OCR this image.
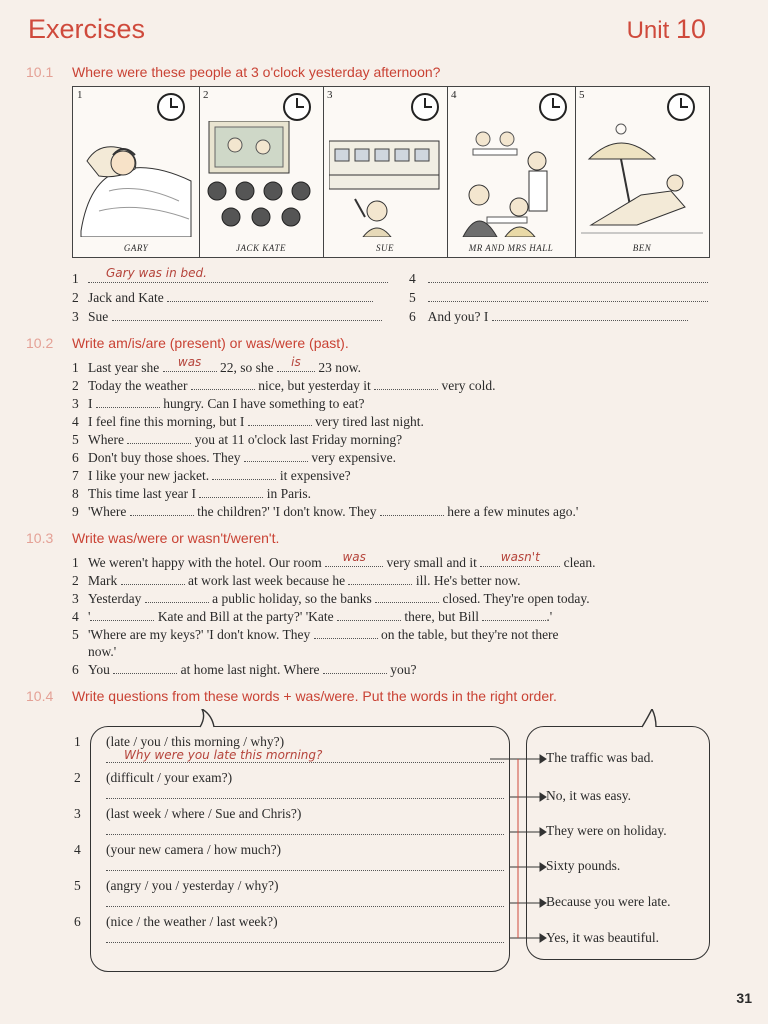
Exercises	Unit 10
10.1 Where were these people at 3 o'clock yesterday afternoon?
1
GARY
2
JACK KATE
3
SUE
4
MR AND MRS HALL
5
BEN
1 Gary was in bed.
2 Jack and Kate
3 Sue
4
5
6 And you? I
10.2 Write am/is/are (present) or was/were (past).
1 Last year she	was	22, so she	is	23 now.
2 Today the weather	nice, but yesterday it	very cold.
3 I	hungry. Can I have something to eat?
4 I feel fine this morning, but I	very tired last night.
5 Where	you at 11 o'clock last Friday morning?
6 Don't buy those shoes. They	very expensive.
7 I like your new jacket.	it expensive?
8 This time last year I	in Paris.
9 'Where	the children?' 'I don't know. They	here a few minutes ago.'
10.3 Write was/were or wasn't/weren't.
1 We weren't happy with the hotel. Our room	was	very small and it	wasn't	clean.
2 Mark	at work last week because he	ill. He's better now.
3 Yesterday	a public holiday, so the banks	closed. They're open today.
4 '	Kate and Bill at the party?' 'Kate	there, but Bill	.'
5 'Where are my keys?' 'I don't know. They	on the table, but they're not there
now.'
6 You	at home last night. Where	you?
10.4 Write questions from these words + was/were. Put the words in the right order.
1 (late / you / this morning / why?)
Why were you late this morning?
2 (difficult / your exam?)
3 (last week / where / Sue and Chris?)
4 (your new camera / how much?)
5 (angry / you / yesterday / why?)
6 (nice / the weather / last week?)
The traffic was bad.
No, it was easy.
They were on holiday.
Sixty pounds.
Because you were late.
Yes, it was beautiful.
31
